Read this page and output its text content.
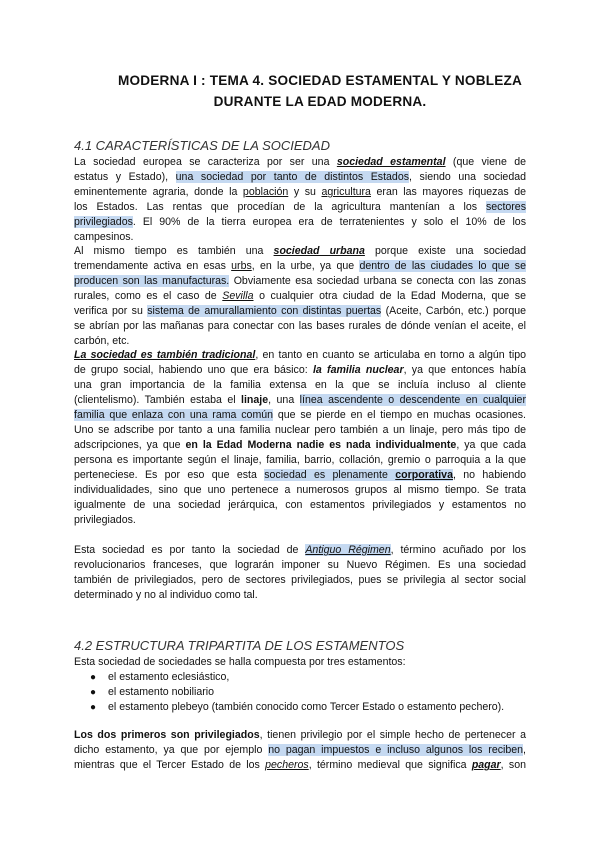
MODERNA I : TEMA 4. SOCIEDAD ESTAMENTAL Y NOBLEZA
DURANTE LA EDAD MODERNA.
4.1 CARACTERÍSTICAS DE LA SOCIEDAD
La sociedad europea se caracteriza por ser una sociedad estamental (que viene de
estatus y Estado), una sociedad por tanto de distintos Estados, siendo una sociedad
eminentemente agraria, donde la población y su agricultura eran las mayores riquezas de
los Estados. Las rentas que procedían de la agricultura mantenían a los sectores
privilegiados. El 90% de la tierra europea era de terratenientes y solo el 10% de los
campesinos.
Al mismo tiempo es también una sociedad urbana porque existe una sociedad
tremendamente activa en esas urbs, en la urbe, ya que dentro de las ciudades lo que se
producen son las manufacturas. Obviamente esa sociedad urbana se conecta con las zonas
rurales, como es el caso de Sevilla o cualquier otra ciudad de la Edad Moderna, que se
verifica por su sistema de amurallamiento con distintas puertas (Aceite, Carbón, etc.) porque
se abrían por las mañanas para conectar con las bases rurales de dónde venían el aceite, el
carbón, etc.
La sociedad es también tradicional, en tanto en cuanto se articulaba en torno a algún tipo
de grupo social, habiendo uno que era básico: la familia nuclear, ya que entonces había
una gran importancia de la familia extensa en la que se incluía incluso al cliente
(clientelismo). También estaba el linaje, una línea ascendente o descendente en cualquier
familia que enlaza con una rama común que se pierde en el tiempo en muchas ocasiones.
Uno se adscribe por tanto a una familia nuclear pero también a un linaje, pero más tipo de
adscripciones, ya que en la Edad Moderna nadie es nada individualmente, ya que cada
persona es importante según el linaje, familia, barrio, collación, gremio o parroquia a la que
perteneciese. Es por eso que esta sociedad es plenamente corporativa, no habiendo
individualidades, sino que uno pertenece a numerosos grupos al mismo tiempo. Se trata
igualmente de una sociedad jerárquica, con estamentos privilegiados y estamentos no
privilegiados.
Esta sociedad es por tanto la sociedad de Antiguo Régimen, término acuñado por los
revolucionarios franceses, que lograrán imponer su Nuevo Régimen. Es una sociedad
también de privilegiados, pero de sectores privilegiados, pues se privilegia al sector social
determinado y no al individuo como tal.
4.2 ESTRUCTURA TRIPARTITA DE LOS ESTAMENTOS
Esta sociedad de sociedades se halla compuesta por tres estamentos:
● el estamento eclesiástico,
● el estamento nobiliario
● el estamento plebeyo (también conocido como Tercer Estado o estamento pechero).
Los dos primeros son privilegiados, tienen privilegio por el simple hecho de pertenecer a
dicho estamento, ya que por ejemplo no pagan impuestos e incluso algunos los reciben,
mientras que el Tercer Estado de los pecheros, término medieval que significa pagar, son
